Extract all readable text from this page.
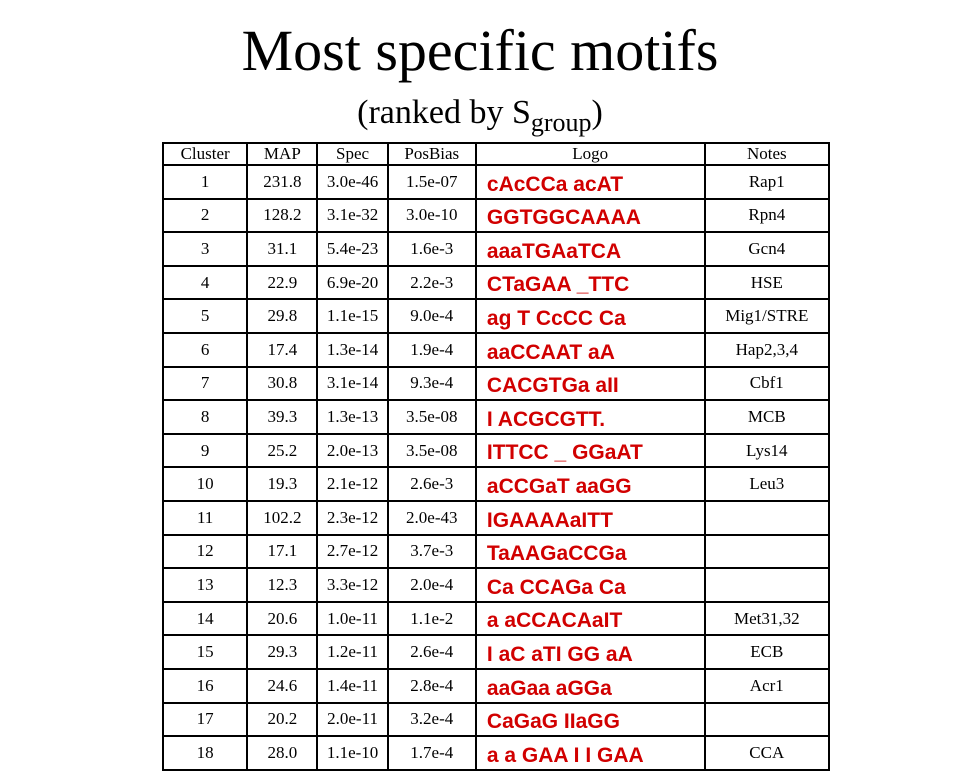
Most specific motifs
(ranked by $S_{group}$)
Cluster	MAP	Spec	PosBias	Logo	Notes
1	231.8	3.0e-46	1.5e-07	cAcCCa acAT	Rap1
2	128.2	3.1e-32	3.0e-10	GGTGGCAAAA	Rpn4
3	31.1	5.4e-23	1.6e-3	aaaTGAaTCA	Gcn4
4	22.9	6.9e-20	2.2e-3	CTaGAA _TTC	HSE
5	29.8	1.1e-15	9.0e-4	ag T CcCC Ca	Mig1/STRE
6	17.4	1.3e-14	1.9e-4	aaCCAAT aA	Hap2,3,4
7	30.8	3.1e-14	9.3e-4	CACGTGa aII	Cbf1
8	39.3	1.3e-13	3.5e-08	I ACGCGTT.	MCB
9	25.2	2.0e-13	3.5e-08	ITTCC _ GGaAT	Lys14
10	19.3	2.1e-12	2.6e-3	aCCGaT aaGG	Leu3
11	102.2	2.3e-12	2.0e-43	IGAAAAaITT

12	17.1	2.7e-12	3.7e-3	TaAAGaCCGa

13	12.3	3.3e-12	2.0e-4	Ca CCAGa Ca

14	20.6	1.0e-11	1.1e-2	a aCCACAaIT	Met31,32
15	29.3	1.2e-11	2.6e-4	I aC aTI GG aA	ECB
16	24.6	1.4e-11	2.8e-4	aaGaa aGGa	Acr1
17	20.2	2.0e-11	3.2e-4	CaGaG IIaGG

18	28.0	1.1e-10	1.7e-4	a a GAA I I GAA	CCA
